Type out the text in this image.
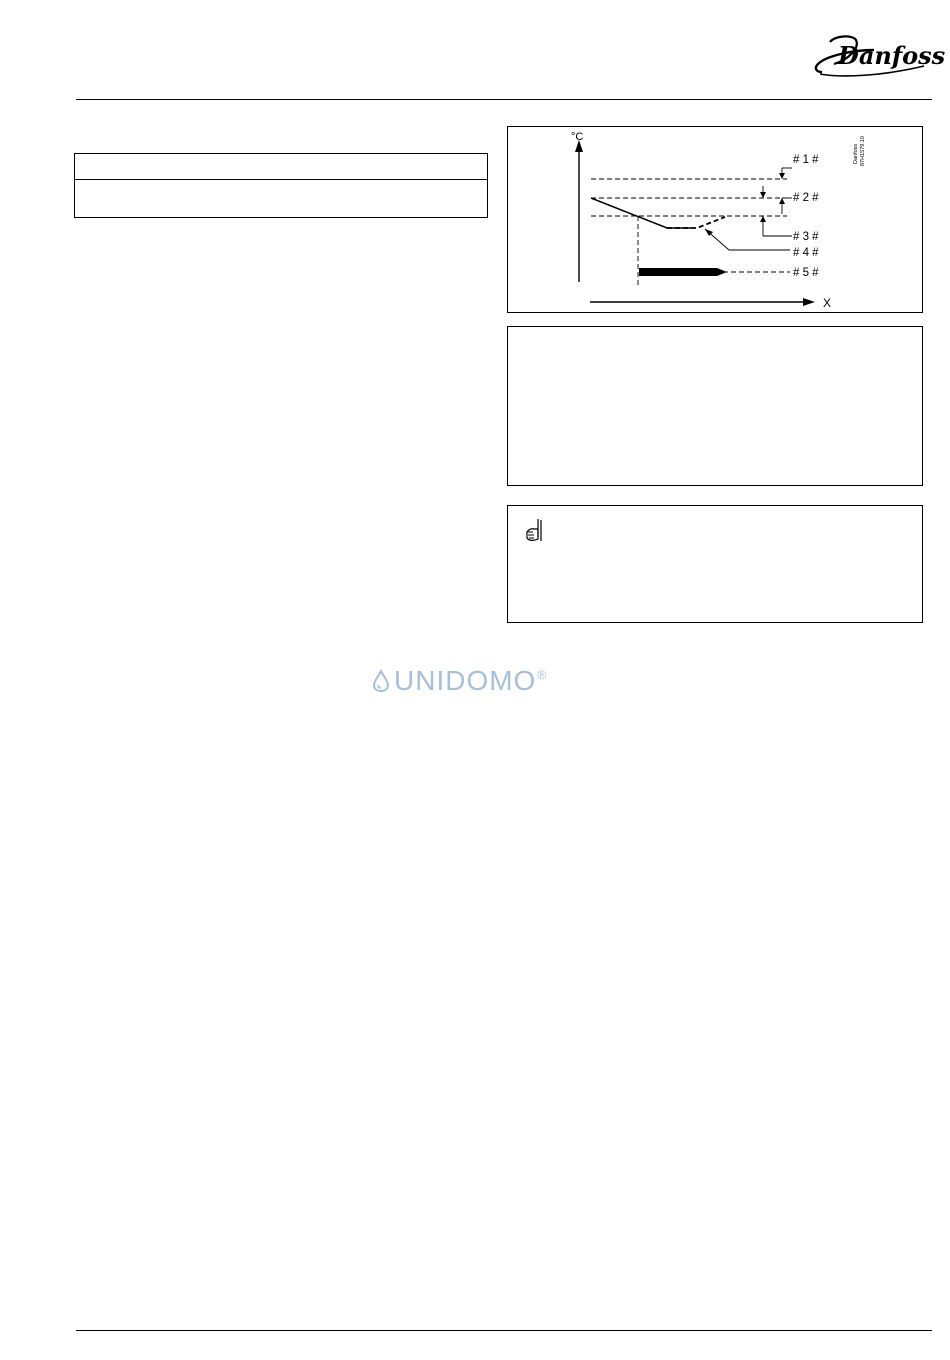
Danfoss
°C
X
# 1 #
# 2 #
# 3 #
# 4 #
# 5 #
Danfoss 87H1579.10
UNIDOMO ®
